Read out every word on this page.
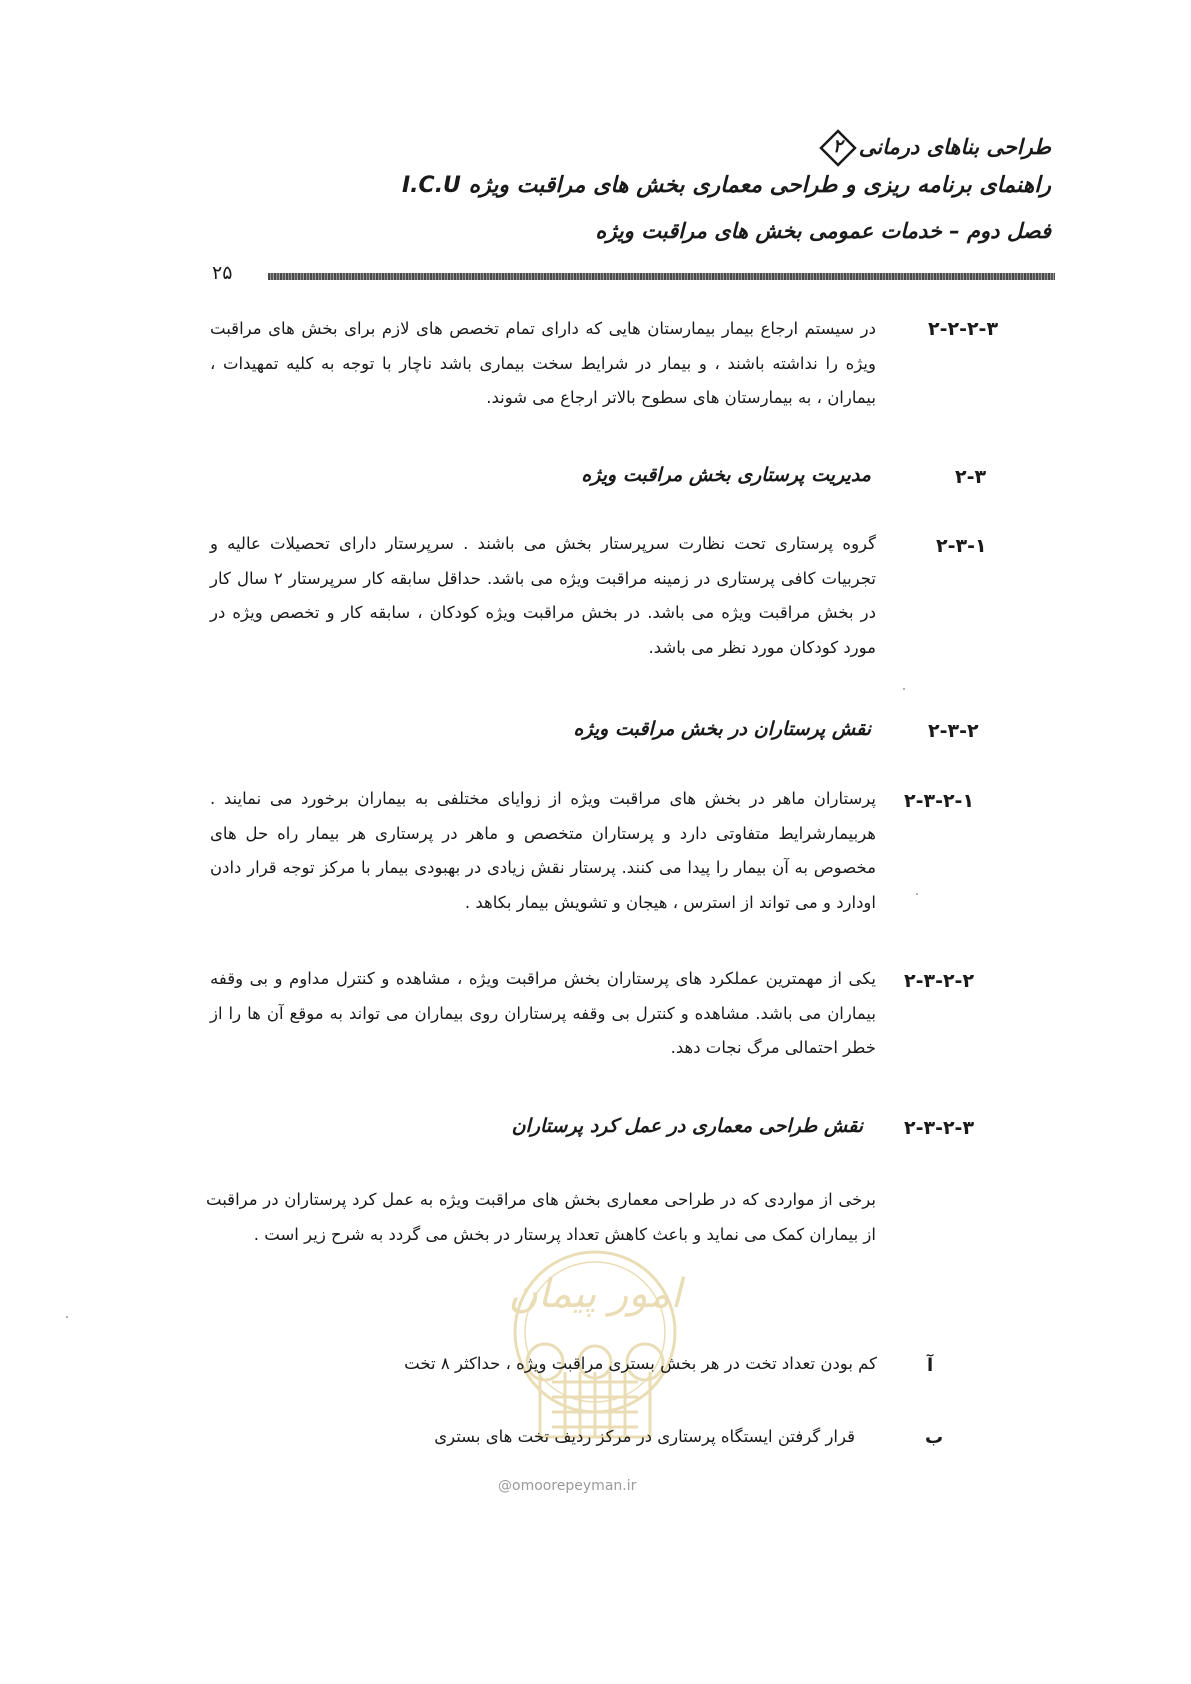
طراحی بناهای درمانی
۲
راهنمای برنامه ریزی و طراحی معماری بخش های مراقبت ویژه I.C.U
فصل دوم – خدمات عمومی بخش های مراقبت ویژه
۲۵
۲-۲-۲-۳
در سیستم ارجاع بیمار بیمارستان هایی که دارای تمام تخصص های لازم برای بخش های مراقبت ویژه را نداشته باشند ، و بیمار در شرایط سخت بیماری باشد ناچار با توجه به کلیه تمهیدات ، بیماران ، به بیمارستان های سطوح بالاتر ارجاع می شوند.
۲-۳
مدیریت پرستاری بخش مراقبت ویژه
۲-۳-۱
گروه پرستاری تحت نظارت سرپرستار بخش می باشند . سرپرستار دارای تحصیلات عالیه و تجربیات کافی پرستاری در زمینه مراقبت ویژه می باشد. حداقل سابقه کار سرپرستار ۲ سال کار در بخش مراقبت ویژه می باشد. در بخش مراقبت ویژه کودکان ، سابقه کار و تخصص ویژه در مورد کودکان مورد نظر می باشد.
۲-۳-۲
نقش پرستاران در بخش مراقبت ویژه
۲-۳-۲-۱
پرستاران ماهر در بخش های مراقبت ویژه از زوایای مختلفی به بیماران برخورد می نمایند . هربیمارشرایط متفاوتی دارد و پرستاران متخصص و ماهر در پرستاری هر بیمار راه حل های مخصوص به آن بیمار را پیدا می کنند. پرستار نقش زیادی در بهبودی بیمار با مرکز توجه قرار دادن اودارد و می تواند از استرس ، هیجان و تشویش بیمار بکاهد .
۲-۳-۲-۲
یکی از مهمترین عملکرد های پرستاران بخش مراقبت ویژه ، مشاهده و کنترل مداوم و بی وقفه بیماران می باشد. مشاهده و کنترل بی وقفه پرستاران روی بیماران می تواند به موقع آن ها را از خطر احتمالی مرگ نجات دهد.
۲-۳-۲-۳
نقش طراحی معماری در عمل کرد پرستاران
برخی از مواردی که در طراحی معماری بخش های مراقبت ویژه به عمل کرد پرستاران در مراقبت از بیماران کمک می نماید و باعث کاهش تعداد پرستار در بخش می گردد به شرح زیر است .
امور پیمان
@omoorepeyman.ir
آ
کم بودن تعداد تخت در هر بخش بستری مراقبت ویژه ، حداکثر ۸ تخت
ب
قرار گرفتن ایستگاه پرستاری در مرکز ردیف تخت های بستری
